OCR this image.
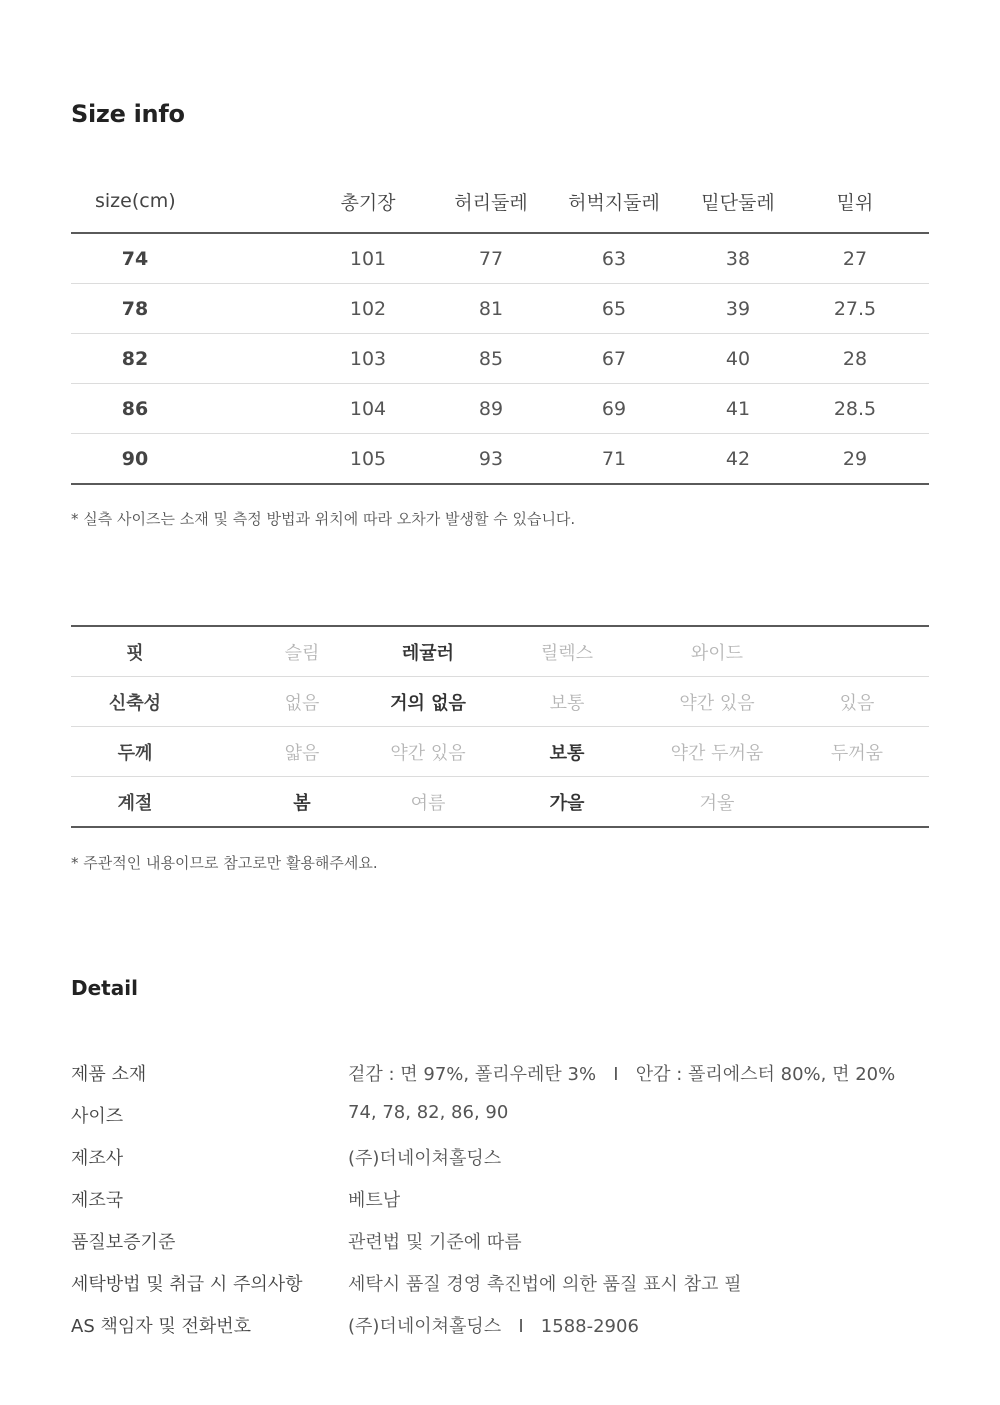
Size info
size(cm)	총기장	허리둘레	허벅지둘레	밑단둘레	밑위
74	101	77	63	38	27
78	102	81	65	39	27.5
82	103	85	67	40	28
86	104	89	69	41	28.5
90	105	93	71	42	29
* 실측 사이즈는 소재 및 측정 방법과 위치에 따라 오차가 발생할 수 있습니다.
핏	슬림	레귤러	릴렉스	와이드
신축성	없음	거의 없음	보통	약간 있음	있음
두께	얇음	약간 있음	보통	약간 두꺼움	두꺼움
계절	봄	여름	가을	겨울
* 주관적인 내용이므로 참고로만 활용해주세요.
Detail
제품 소재	겉감 : 면 97%, 폴리우레탄 3%   I   안감 : 폴리에스터 80%, 면 20%
사이즈	74, 78, 82, 86, 90
제조사	(주)더네이쳐홀딩스
제조국	베트남
품질보증기준	관련법 및 기준에 따름
세탁방법 및 취급 시 주의사항	세탁시 품질 경영 촉진법에 의한 품질 표시 참고 필
AS 책임자 및 전화번호	(주)더네이쳐홀딩스   I   1588-2906
